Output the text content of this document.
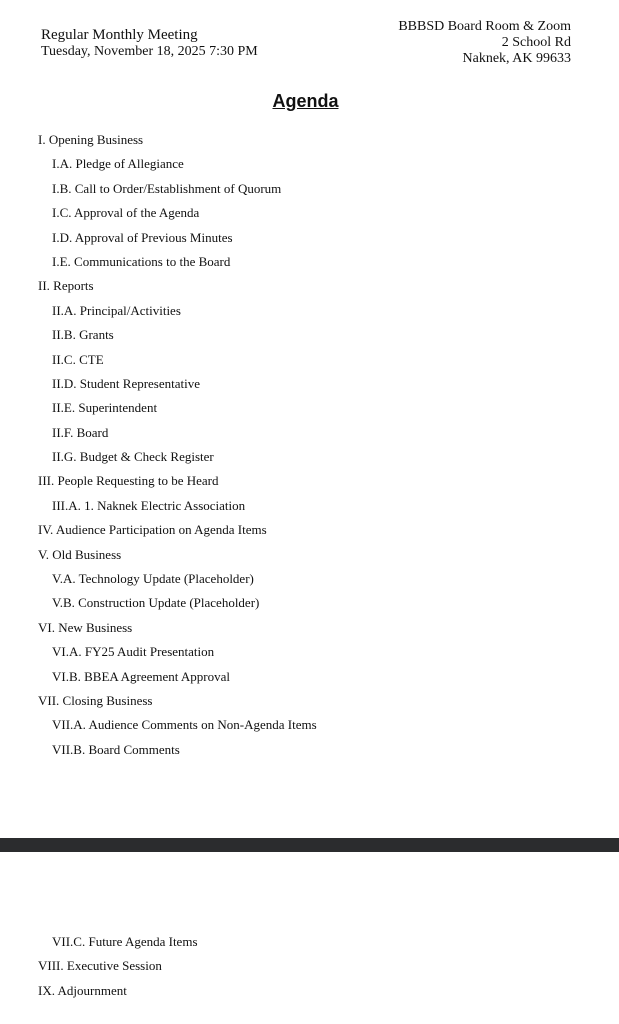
Regular Monthly Meeting
Tuesday, November 18, 2025 7:30 PM
BBBSD Board Room & Zoom
2 School Rd
Naknek, AK 99633
Agenda
I. Opening Business
I.A. Pledge of Allegiance
I.B. Call to Order/Establishment of Quorum
I.C. Approval of the Agenda
I.D. Approval of Previous Minutes
I.E. Communications to the Board
II. Reports
II.A. Principal/Activities
II.B. Grants
II.C. CTE
II.D. Student Representative
II.E. Superintendent
II.F. Board
II.G. Budget & Check Register
III. People Requesting to be Heard
III.A. 1. Naknek Electric Association
IV. Audience Participation on Agenda Items
V. Old Business
V.A. Technology Update (Placeholder)
V.B. Construction Update (Placeholder)
VI. New Business
VI.A. FY25 Audit Presentation
VI.B. BBEA Agreement Approval
VII. Closing Business
VII.A. Audience Comments on Non-Agenda Items
VII.B. Board Comments
VII.C. Future Agenda Items
VIII. Executive Session
IX. Adjournment
